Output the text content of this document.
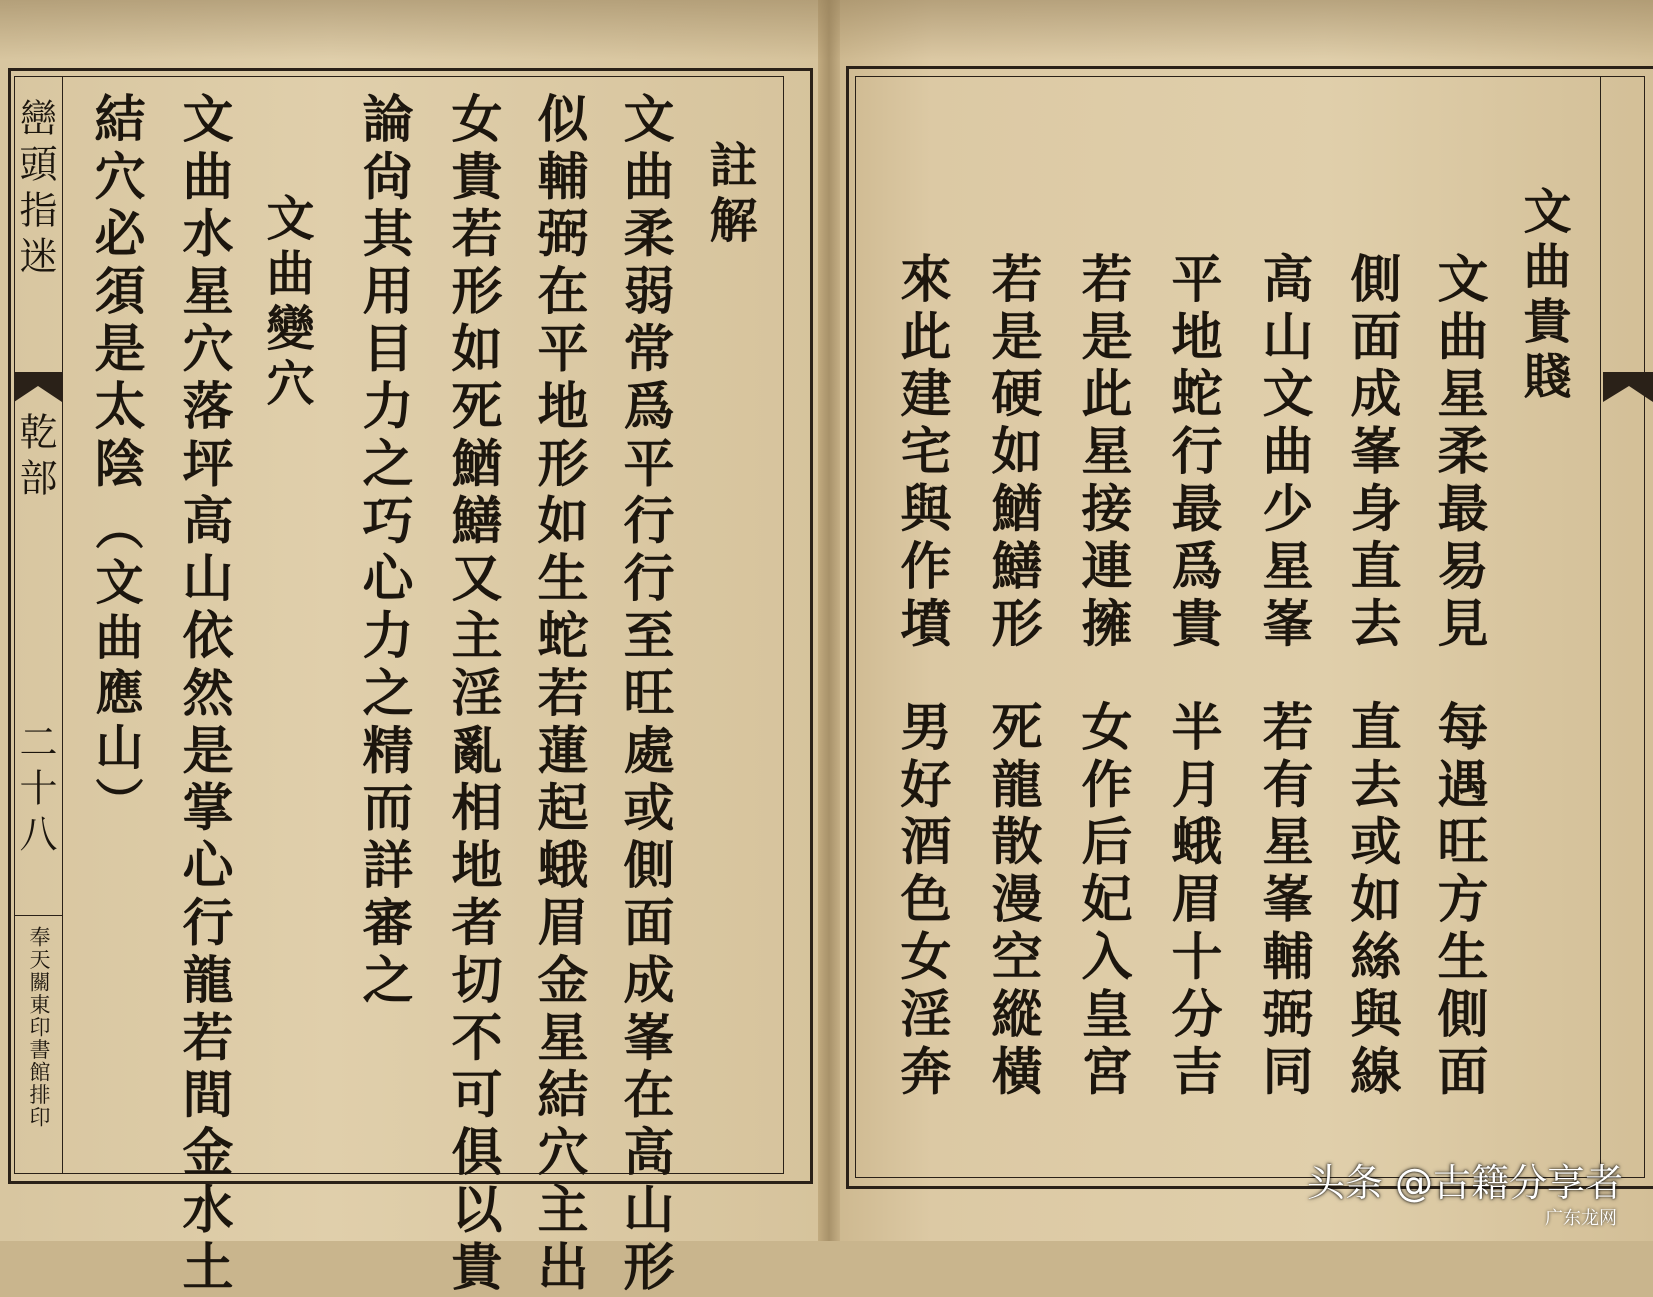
巒頭指迷
乾部
二十八
奉天關東印書館排印
註解
文曲柔弱常爲平行行至旺處或側面成峯在高山形
似輔弼在平地形如生蛇若蓮起蛾眉金星結穴主出
女貴若形如死鰌鱔又主淫亂相地者切不可俱以貴
論尙其用目力之巧心力之精而詳審之
文曲變穴
文曲水星穴落坪高山依然是掌心行龍若間金水土
結穴必須是太陰
（文曲應山）
文曲貴賤
文曲星柔最易見
每遇旺方生側面
側面成峯身直去
直去或如絲與線
高山文曲少星峯
若有星峯輔弼同
平地蛇行最爲貴
半月蛾眉十分吉
若是此星接連擁
女作后妃入皇宮
若是硬如鰌鱔形
死龍散漫空縱橫
來此建宅與作墳
男好酒色女淫奔
头条 @古籍分享者
广东龙网
